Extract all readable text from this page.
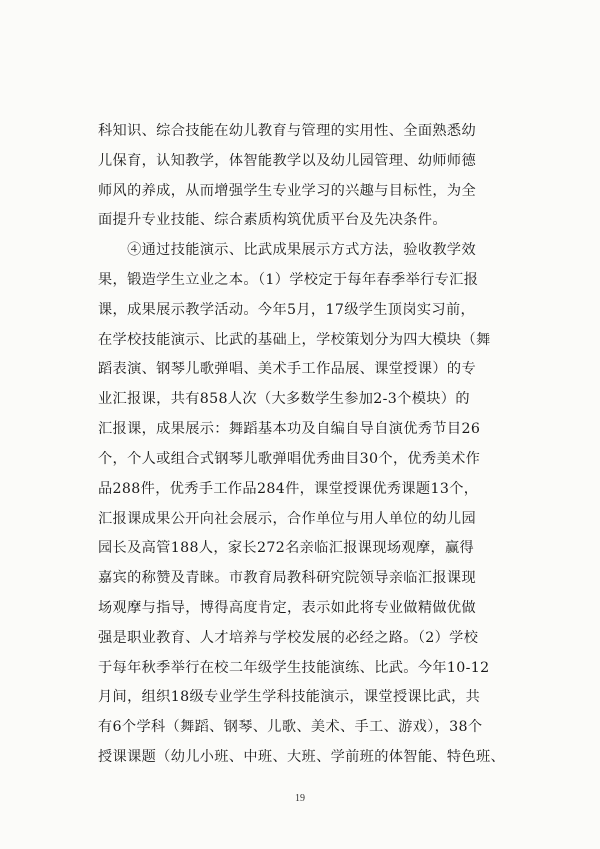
科知识、综合技能在幼儿教育与管理的实用性、全面熟悉幼
儿保育，认知教学，体智能教学以及幼儿园管理、幼师师德
师风的养成，从而增强学生专业学习的兴趣与目标性，为全
面提升专业技能、综合素质构筑优质平台及先决条件。
　　④通过技能演示、比武成果展示方式方法，验收教学效
果，锻造学生立业之本。（1）学校定于每年春季举行专汇报
课，成果展示教学活动。今年5月，17级学生顶岗实习前，
在学校技能演示、比武的基础上，学校策划分为四大模块（舞
蹈表演、钢琴儿歌弹唱、美术手工作品展、课堂授课）的专
业汇报课，共有858人次（大多数学生参加2-3个模块）的
汇报课，成果展示：舞蹈基本功及自编自导自演优秀节目26
个，个人或组合式钢琴儿歌弹唱优秀曲目30个，优秀美术作
品288件，优秀手工作品284件，课堂授课优秀课题13个，
汇报课成果公开向社会展示，合作单位与用人单位的幼儿园
园长及高管188人，家长272名亲临汇报课现场观摩，赢得
嘉宾的称赞及青睐。市教育局教科研究院领导亲临汇报课现
场观摩与指导，博得高度肯定，表示如此将专业做精做优做
强是职业教育、人才培养与学校发展的必经之路。（2）学校
于每年秋季举行在校二年级学生技能演练、比武。今年10-12
月间，组织18级专业学生学科技能演示，课堂授课比武，共
有6个学科（舞蹈、钢琴、儿歌、美术、手工、游戏），38个
授课课题（幼儿小班、中班、大班、学前班的体智能、特色班、
19
